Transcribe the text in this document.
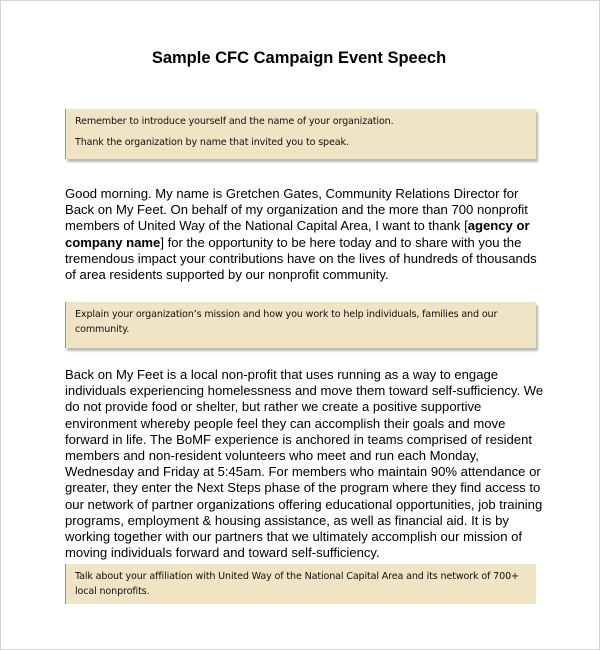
Sample CFC Campaign Event Speech

Remember to introduce yourself and the name of your organization.

Thank the organization by name that invited you to speak.

Good morning. My name is Gretchen Gates, Community Relations Director for Back on My Feet. On behalf of my organization and the more than 700 nonprofit members of United Way of the National Capital Area, I want to thank [agency or company name] for the opportunity to be here today and to share with you the tremendous impact your contributions have on the lives of hundreds of thousands of area residents supported by our nonprofit community.

Explain your organization’s mission and how you work to help individuals, families and our community.

Back on My Feet is a local non-profit that uses running as a way to engage individuals experiencing homelessness and move them toward self-sufficiency. We do not provide food or shelter, but rather we create a positive supportive environment whereby people feel they can accomplish their goals and move forward in life. The BoMF experience is anchored in teams comprised of resident members and non-resident volunteers who meet and run each Monday, Wednesday and Friday at 5:45am. For members who maintain 90% attendance or greater, they enter the Next Steps phase of the program where they find access to our network of partner organizations offering educational opportunities, job training programs, employment & housing assistance, as well as financial aid. It is by working together with our partners that we ultimately accomplish our mission of moving individuals forward and toward self-sufficiency.

Talk about your affiliation with United Way of the National Capital Area and its network of 700+ local nonprofits.
